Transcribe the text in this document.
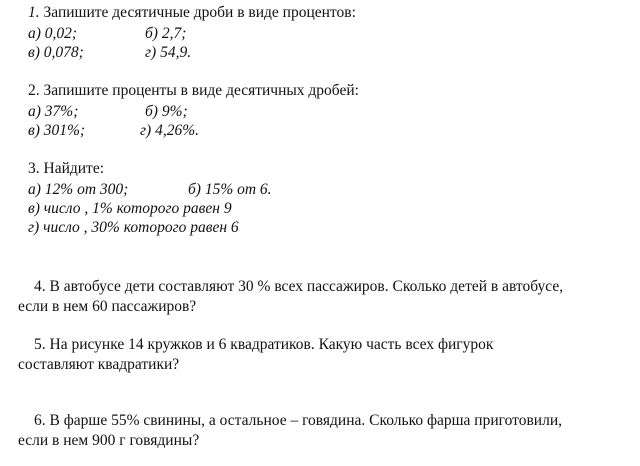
1. Запишите десятичные дроби в виде процентов:
а) 0,02;	б) 2,7;
в) 0,078;	г) 54,9.
2. Запишите проценты в виде десятичных дробей:
а) 37%;	б) 9%;
в) 301%;	г) 4,26%.
3. Найдите:
а) 12% от 300;	б) 15% от 6.
в) число , 1% которого равен 9
г) число , 30% которого равен 6
4. В автобусе дети составляют 30 % всех пассажиров. Сколько детей в автобусе,
если в нем 60 пассажиров?
5. На рисунке 14 кружков и 6 квадратиков. Какую часть всех фигурок
составляют квадратики?
6. В фарше 55% свинины, а остальное – говядина. Сколько фарша приготовили,
если в нем 900 г говядины?
